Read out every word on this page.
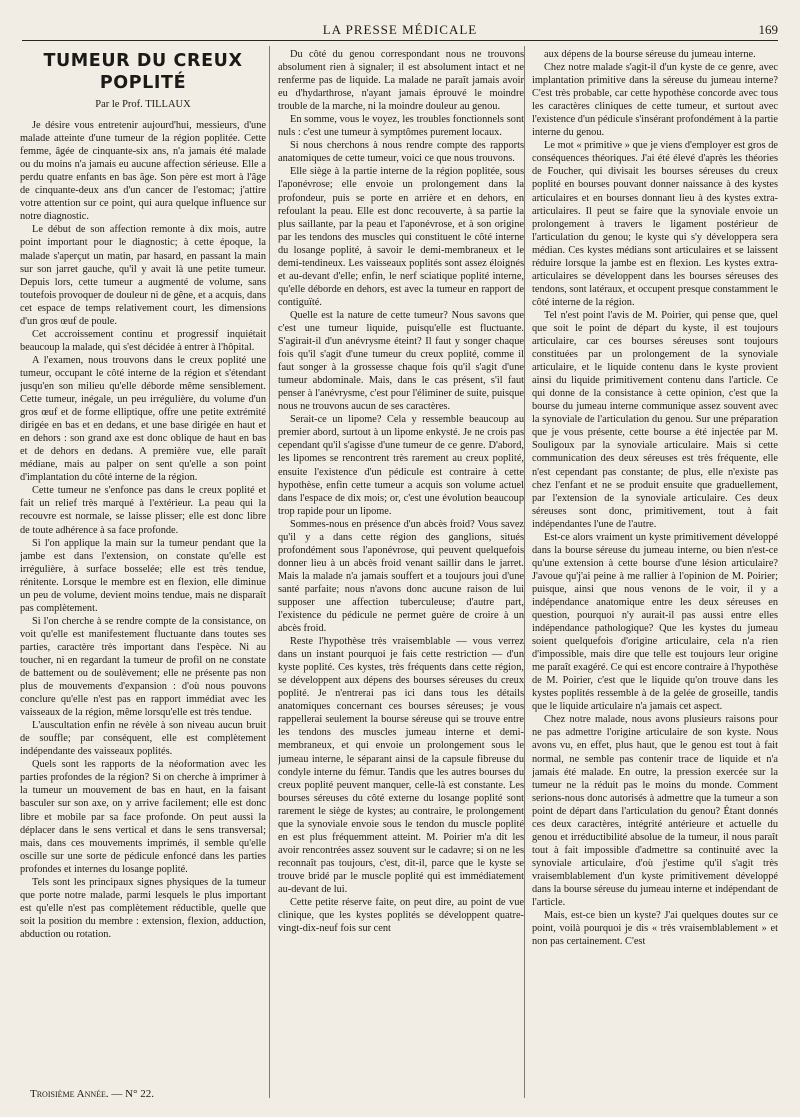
LA PRESSE MÉDICALE	169
TUMEUR DU CREUX POPLITÉ
Par le Prof. TILLAUX

Je désire vous entretenir aujourd'hui, messieurs, d'une malade atteinte d'une tumeur de la région poplitée. Cette femme, âgée de cinquante-six ans, n'a jamais été malade ou du moins n'a jamais eu aucune affection sérieuse. Elle a perdu quatre enfants en bas âge. Son père est mort à l'âge de cinquante-deux ans d'un cancer de l'estomac; j'attire votre attention sur ce point, qui aura quelque influence sur notre diagnostic.

Le début de son affection remonte à dix mois, autre point important pour le diagnostic; à cette époque, la malade s'aperçut un matin, par hasard, en passant la main sur son jarret gauche, qu'il y avait là une petite tumeur. Depuis lors, cette tumeur a augmenté de volume, sans toutefois provoquer de douleur ni de gêne, et a acquis, dans cet espace de temps relativement court, les dimensions d'un gros œuf de poule.

Cet accroissement continu et progressif inquiétait beaucoup la malade, qui s'est décidée à entrer à l'hôpital.

A l'examen, nous trouvons dans le creux poplité une tumeur, occupant le côté interne de la région et s'étendant jusqu'en son milieu qu'elle déborde même sensiblement. Cette tumeur, inégale, un peu irrégulière, du volume d'un gros œuf et de forme elliptique, offre une petite extrémité dirigée en bas et en dedans, et une base dirigée en haut et en dehors : son grand axe est donc oblique de haut en bas et de dehors en dedans. A première vue, elle paraît médiane, mais au palper on sent qu'elle a son point d'implantation du côté interne de la région.

Cette tumeur ne s'enfonce pas dans le creux poplité et fait un relief très marqué à l'extérieur. La peau qui la recouvre est normale, se laisse plisser; elle est donc libre de toute adhérence à sa face profonde.

Si l'on applique la main sur la tumeur pendant que la jambe est dans l'extension, on constate qu'elle est irrégulière, à surface bosselée; elle est très tendue, rénitente. Lorsque le membre est en flexion, elle diminue un peu de volume, devient moins tendue, mais ne disparaît pas complètement.

Si l'on cherche à se rendre compte de la consistance, on voit qu'elle est manifestement fluctuante dans toutes ses parties, caractère très important dans l'espèce. Ni au toucher, ni en regardant la tumeur de profil on ne constate de battement ou de soulèvement; elle ne présente pas non plus de mouvements d'expansion : d'où nous pouvons conclure qu'elle n'est pas en rapport immédiat avec les vaisseaux de la région, même lorsqu'elle est très tendue.

L'auscultation enfin ne révèle à son niveau aucun bruit de souffle; par conséquent, elle est complètement indépendante des vaisseaux poplités.

Quels sont les rapports de la néoformation avec les parties profondes de la région? Si on cherche à imprimer à la tumeur un mouvement de bas en haut, en la faisant basculer sur son axe, on y arrive facilement; elle est donc libre et mobile par sa face profonde. On peut aussi la déplacer dans le sens vertical et dans le sens transversal; mais, dans ces mouvements imprimés, il semble qu'elle oscille sur une sorte de pédicule enfoncé dans les parties profondes et internes du losange poplité.

Tels sont les principaux signes physiques de la tumeur que porte notre malade, parmi lesquels le plus important est qu'elle n'est pas complètement réductible, quelle que soit la position du membre : extension, flexion, adduction, abduction ou rotation.

Du côté du genou correspondant nous ne trouvons absolument rien à signaler; il est absolument intact et ne renferme pas de liquide. La malade ne paraît jamais avoir eu d'hydarthrose, n'ayant jamais éprouvé le moindre trouble de la marche, ni la moindre douleur au genou.

En somme, vous le voyez, les troubles fonctionnels sont nuls : c'est une tumeur à symptômes purement locaux.

Si nous cherchons à nous rendre compte des rapports anatomiques de cette tumeur, voici ce que nous trouvons.

Elle siège à la partie interne de la région poplitée, sous l'aponévrose; elle envoie un prolongement dans la profondeur, puis se porte en arrière et en dehors, en refoulant la peau. Elle est donc recouverte, à sa partie la plus saillante, par la peau et l'aponévrose, et à son origine par les tendons des muscles qui constituent le côté interne du losange poplité, à savoir le demi-membraneux et le demi-tendineux. Les vaisseaux poplités sont assez éloignés et au-devant d'elle; enfin, le nerf sciatique poplité interne, qu'elle déborde en dehors, est avec la tumeur en rapport de contiguïté.

Quelle est la nature de cette tumeur? Nous savons que c'est une tumeur liquide, puisqu'elle est fluctuante. S'agirait-il d'un anévrysme éteint? Il faut y songer chaque fois qu'il s'agit d'une tumeur du creux poplité, comme il faut songer à la grossesse chaque fois qu'il s'agit d'une tumeur abdominale. Mais, dans le cas présent, s'il faut penser à l'anévrysme, c'est pour l'éliminer de suite, puisque nous ne trouvons aucun de ses caractères.

Serait-ce un lipome? Cela y ressemble beaucoup au premier abord, surtout à un lipome enkysté. Je ne crois pas cependant qu'il s'agisse d'une tumeur de ce genre. D'abord, les lipomes se rencontrent très rarement au creux poplité, ensuite l'existence d'un pédicule est contraire à cette hypothèse, enfin cette tumeur a acquis son volume actuel dans l'espace de dix mois; or, c'est une évolution beaucoup trop rapide pour un lipome.

Sommes-nous en présence d'un abcès froid? Vous savez qu'il y a dans cette région des ganglions, situés profondément sous l'aponévrose, qui peuvent quelquefois donner lieu à un abcès froid venant saillir dans le jarret. Mais la malade n'a jamais souffert et a toujours joui d'une santé parfaite; nous n'avons donc aucune raison de lui supposer une affection tuberculeuse; d'autre part, l'existence du pédicule ne permet guère de croire à un abcès froid.

Reste l'hypothèse très vraisemblable — vous verrez dans un instant pourquoi je fais cette restriction — d'un kyste poplité. Ces kystes, très fréquents dans cette région, se développent aux dépens des bourses séreuses du creux poplité. Je n'entrerai pas ici dans tous les détails anatomiques concernant ces bourses séreuses; je vous rappellerai seulement la bourse séreuse qui se trouve entre les tendons des muscles jumeau interne et demi-membraneux, et qui envoie un prolongement sous le jumeau interne, le séparant ainsi de la capsule fibreuse du condyle interne du fémur. Tandis que les autres bourses du creux poplité peuvent manquer, celle-là est constante. Les bourses séreuses du côté externe du losange poplité sont rarement le siège de kystes; au contraire, le prolongement que la synoviale envoie sous le tendon du muscle poplité en est plus fréquemment atteint. M. Poirier m'a dit les avoir rencontrées assez souvent sur le cadavre; si on ne les reconnaît pas toujours, c'est, dit-il, parce que le kyste se trouve bridé par le muscle poplité qui est immédiatement au-devant de lui.

Cette petite réserve faite, on peut dire, au point de vue clinique, que les kystes poplités se développent quatre-vingt-dix-neuf fois sur cent

aux dépens de la bourse séreuse du jumeau interne.

Chez notre malade s'agit-il d'un kyste de ce genre, avec implantation primitive dans la séreuse du jumeau interne? C'est très probable, car cette hypothèse concorde avec tous les caractères cliniques de cette tumeur, et surtout avec l'existence d'un pédicule s'insérant profondément à la partie interne du genou.

Le mot « primitive » que je viens d'employer est gros de conséquences théoriques. J'ai été élevé d'après les théories de Foucher, qui divisait les bourses séreuses du creux poplité en bourses pouvant donner naissance à des kystes articulaires et en bourses donnant lieu à des kystes extra-articulaires. Il peut se faire que la synoviale envoie un prolongement à travers le ligament postérieur de l'articulation du genou; le kyste qui s'y développera sera médian. Ces kystes médians sont articulaires et se laissent réduire lorsque la jambe est en flexion. Les kystes extra-articulaires se développent dans les bourses séreuses des tendons, sont latéraux, et occupent presque constamment le côté interne de la région.

Tel n'est point l'avis de M. Poirier, qui pense que, quel que soit le point de départ du kyste, il est toujours articulaire, car ces bourses séreuses sont toujours constituées par un prolongement de la synoviale articulaire, et le liquide contenu dans le kyste provient ainsi du liquide primitivement contenu dans l'article. Ce qui donne de la consistance à cette opinion, c'est que la bourse du jumeau interne communique assez souvent avec la synoviale de l'articulation du genou. Sur une préparation que je vous présente, cette bourse a été injectée par M. Souligoux par la synoviale articulaire. Mais si cette communication des deux séreuses est très fréquente, elle n'est cependant pas constante; de plus, elle n'existe pas chez l'enfant et ne se produit ensuite que graduellement, par l'extension de la synoviale articulaire. Ces deux séreuses sont donc, primitivement, tout à fait indépendantes l'une de l'autre.

Est-ce alors vraiment un kyste primitivement développé dans la bourse séreuse du jumeau interne, ou bien n'est-ce qu'une extension à cette bourse d'une lésion articulaire? J'avoue qu'j'ai peine à me rallier à l'opinion de M. Poirier; puisque, ainsi que nous venons de le voir, il y a indépendance anatomique entre les deux séreuses en question, pourquoi n'y aurait-il pas aussi entre elles indépendance pathologique? Que les kystes du jumeau soient quelquefois d'origine articulaire, cela n'a rien d'impossible, mais dire que telle est toujours leur origine me paraît exagéré. Ce qui est encore contraire à l'hypothèse de M. Poirier, c'est que le liquide qu'on trouve dans les kystes poplités ressemble à de la gelée de groseille, tandis que le liquide articulaire n'a jamais cet aspect.

Chez notre malade, nous avons plusieurs raisons pour ne pas admettre l'origine articulaire de son kyste. Nous avons vu, en effet, plus haut, que le genou est tout à fait normal, ne semble pas contenir trace de liquide et n'a jamais été malade. En outre, la pression exercée sur la tumeur ne la réduit pas le moins du monde. Comment serions-nous donc autorisés à admettre que la tumeur a son point de départ dans l'articulation du genou? Étant donnés ces deux caractères, intégrité antérieure et actuelle du genou et irréductibilité absolue de la tumeur, il nous paraît tout à fait impossible d'admettre sa continuité avec la synoviale articulaire, d'où j'estime qu'il s'agit très vraisemblablement d'un kyste primitivement développé dans la bourse séreuse du jumeau interne et indépendant de l'article.

Mais, est-ce bien un kyste? J'ai quelques doutes sur ce point, voilà pourquoi je dis « très vraisemblablement » et non pas certainement. C'est

Troisième Année. — N° 22.
